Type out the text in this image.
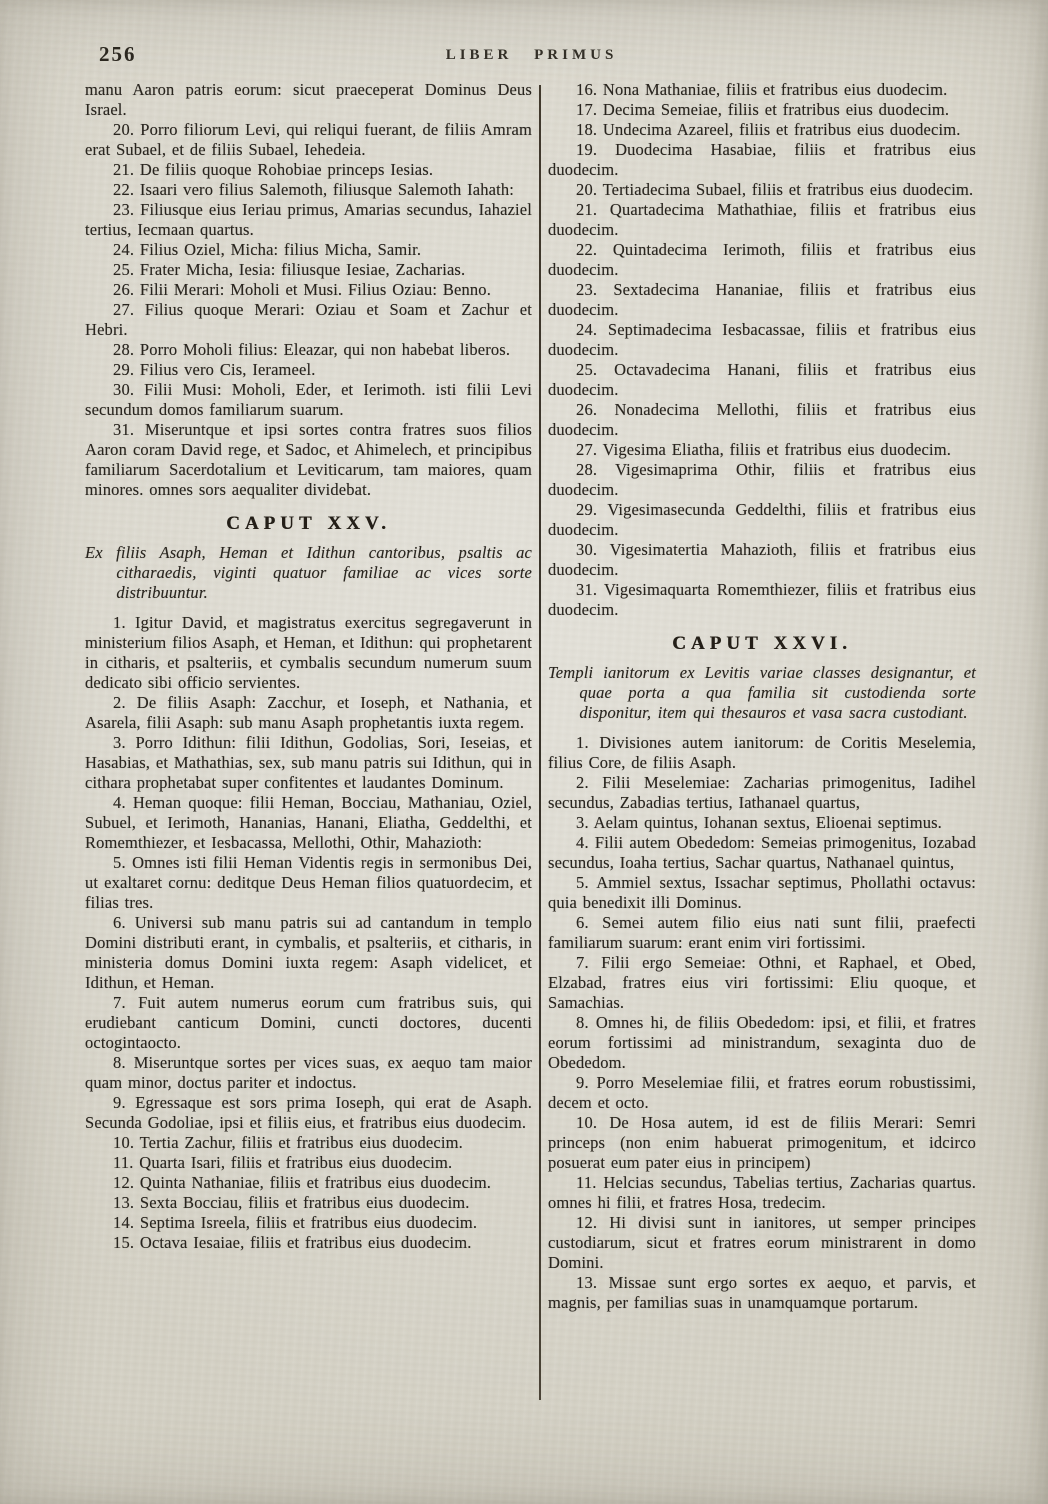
256	LIBER PRIMUS

manu Aaron patris eorum: sicut praeceperat Dominus Deus Israel.

20. Porro filiorum Levi, qui reliqui fuerant, de filiis Amram erat Subael, et de filiis Subael, Iehedeia.

21. De filiis quoque Rohobiae princeps Iesias.

22. Isaari vero filius Salemoth, filiusque Salemoth Iahath:

23. Filiusque eius Ieriau primus, Amarias secundus, Iahaziel tertius, Iecmaan quartus.

24. Filius Oziel, Micha: filius Micha, Samir.

25. Frater Micha, Iesia: filiusque Iesiae, Zacharias.

26. Filii Merari: Moholi et Musi. Filius Oziau: Benno.

27. Filius quoque Merari: Oziau et Soam et Zachur et Hebri.

28. Porro Moholi filius: Eleazar, qui non habebat liberos.

29. Filius vero Cis, Ierameel.

30. Filii Musi: Moholi, Eder, et Ierimoth. isti filii Levi secundum domos familiarum suarum.

31. Miseruntque et ipsi sortes contra fratres suos filios Aaron coram David rege, et Sadoc, et Ahimelech, et principibus familiarum Sacerdotalium et Leviticarum, tam maiores, quam minores. omnes sors aequaliter dividebat.

CAPUT XXV.

Ex filiis Asaph, Heman et Idithun cantoribus, psaltis ac citharaedis, viginti quatuor familiae ac vices sorte distribuuntur.

1. Igitur David, et magistratus exercitus segregaverunt in ministerium filios Asaph, et Heman, et Idithun: qui prophetarent in citharis, et psalteriis, et cymbalis secundum numerum suum dedicato sibi officio servientes.

2. De filiis Asaph: Zacchur, et Ioseph, et Nathania, et Asarela, filii Asaph: sub manu Asaph prophetantis iuxta regem.

3. Porro Idithun: filii Idithun, Godolias, Sori, Ieseias, et Hasabias, et Mathathias, sex, sub manu patris sui Idithun, qui in cithara prophetabat super confitentes et laudantes Dominum.

4. Heman quoque: filii Heman, Bocciau, Mathaniau, Oziel, Subuel, et Ierimoth, Hananias, Hanani, Eliatha, Geddelthi, et Romemthiezer, et Iesbacassa, Mellothi, Othir, Mahazioth:

5. Omnes isti filii Heman Videntis regis in sermonibus Dei, ut exaltaret cornu: deditque Deus Heman filios quatuordecim, et filias tres.

6. Universi sub manu patris sui ad cantandum in templo Domini distributi erant, in cymbalis, et psalteriis, et citharis, in ministeria domus Domini iuxta regem: Asaph videlicet, et Idithun, et Heman.

7. Fuit autem numerus eorum cum fratribus suis, qui erudiebant canticum Domini, cuncti doctores, ducenti octogintaocto.

8. Miseruntque sortes per vices suas, ex aequo tam maior quam minor, doctus pariter et indoctus.

9. Egressaque est sors prima Ioseph, qui erat de Asaph. Secunda Godoliae, ipsi et filiis eius, et fratribus eius duodecim.

10. Tertia Zachur, filiis et fratribus eius duodecim.

11. Quarta Isari, filiis et fratribus eius duodecim.

12. Quinta Nathaniae, filiis et fratribus eius duodecim.

13. Sexta Bocciau, filiis et fratribus eius duodecim.

14. Septima Isreela, filiis et fratribus eius duodecim.

15. Octava Iesaiae, filiis et fratribus eius duodecim.

16. Nona Mathaniae, filiis et fratribus eius duodecim.

17. Decima Semeiae, filiis et fratribus eius duodecim.

18. Undecima Azareel, filiis et fratribus eius duodecim.

19. Duodecima Hasabiae, filiis et fratribus eius duodecim.

20. Tertiadecima Subael, filiis et fratribus eius duodecim.

21. Quartadecima Mathathiae, filiis et fratribus eius duodecim.

22. Quintadecima Ierimoth, filiis et fratribus eius duodecim.

23. Sextadecima Hananiae, filiis et fratribus eius duodecim.

24. Septimadecima Iesbacassae, filiis et fratribus eius duodecim.

25. Octavadecima Hanani, filiis et fratribus eius duodecim.

26. Nonadecima Mellothi, filiis et fratribus eius duodecim.

27. Vigesima Eliatha, filiis et fratribus eius duodecim.

28. Vigesimaprima Othir, filiis et fratribus eius duodecim.

29. Vigesimasecunda Geddelthi, filiis et fratribus eius duodecim.

30. Vigesimatertia Mahazioth, filiis et fratribus eius duodecim.

31. Vigesimaquarta Romemthiezer, filiis et fratribus eius duodecim.

CAPUT XXVI.

Templi ianitorum ex Levitis variae classes designantur, et quae porta a qua familia sit custodienda sorte disponitur, item qui thesauros et vasa sacra custodiant.

1. Divisiones autem ianitorum: de Coritis Meselemia, filius Core, de filiis Asaph.

2. Filii Meselemiae: Zacharias primogenitus, Iadihel secundus, Zabadias tertius, Iathanael quartus,

3. Aelam quintus, Iohanan sextus, Elioenai septimus.

4. Filii autem Obededom: Semeias primogenitus, Iozabad secundus, Ioaha tertius, Sachar quartus, Nathanael quintus,

5. Ammiel sextus, Issachar septimus, Phollathi octavus: quia benedixit illi Dominus.

6. Semei autem filio eius nati sunt filii, praefecti familiarum suarum: erant enim viri fortissimi.

7. Filii ergo Semeiae: Othni, et Raphael, et Obed, Elzabad, fratres eius viri fortissimi: Eliu quoque, et Samachias.

8. Omnes hi, de filiis Obededom: ipsi, et filii, et fratres eorum fortissimi ad ministrandum, sexaginta duo de Obededom.

9. Porro Meselemiae filii, et fratres eorum robustissimi, decem et octo.

10. De Hosa autem, id est de filiis Merari: Semri princeps (non enim habuerat primogenitum, et idcirco posuerat eum pater eius in principem)

11. Helcias secundus, Tabelias tertius, Zacharias quartus. omnes hi filii, et fratres Hosa, tredecim.

12. Hi divisi sunt in ianitores, ut semper principes custodiarum, sicut et fratres eorum ministrarent in domo Domini.

13. Missae sunt ergo sortes ex aequo, et parvis, et magnis, per familias suas in unamquamque portarum.
